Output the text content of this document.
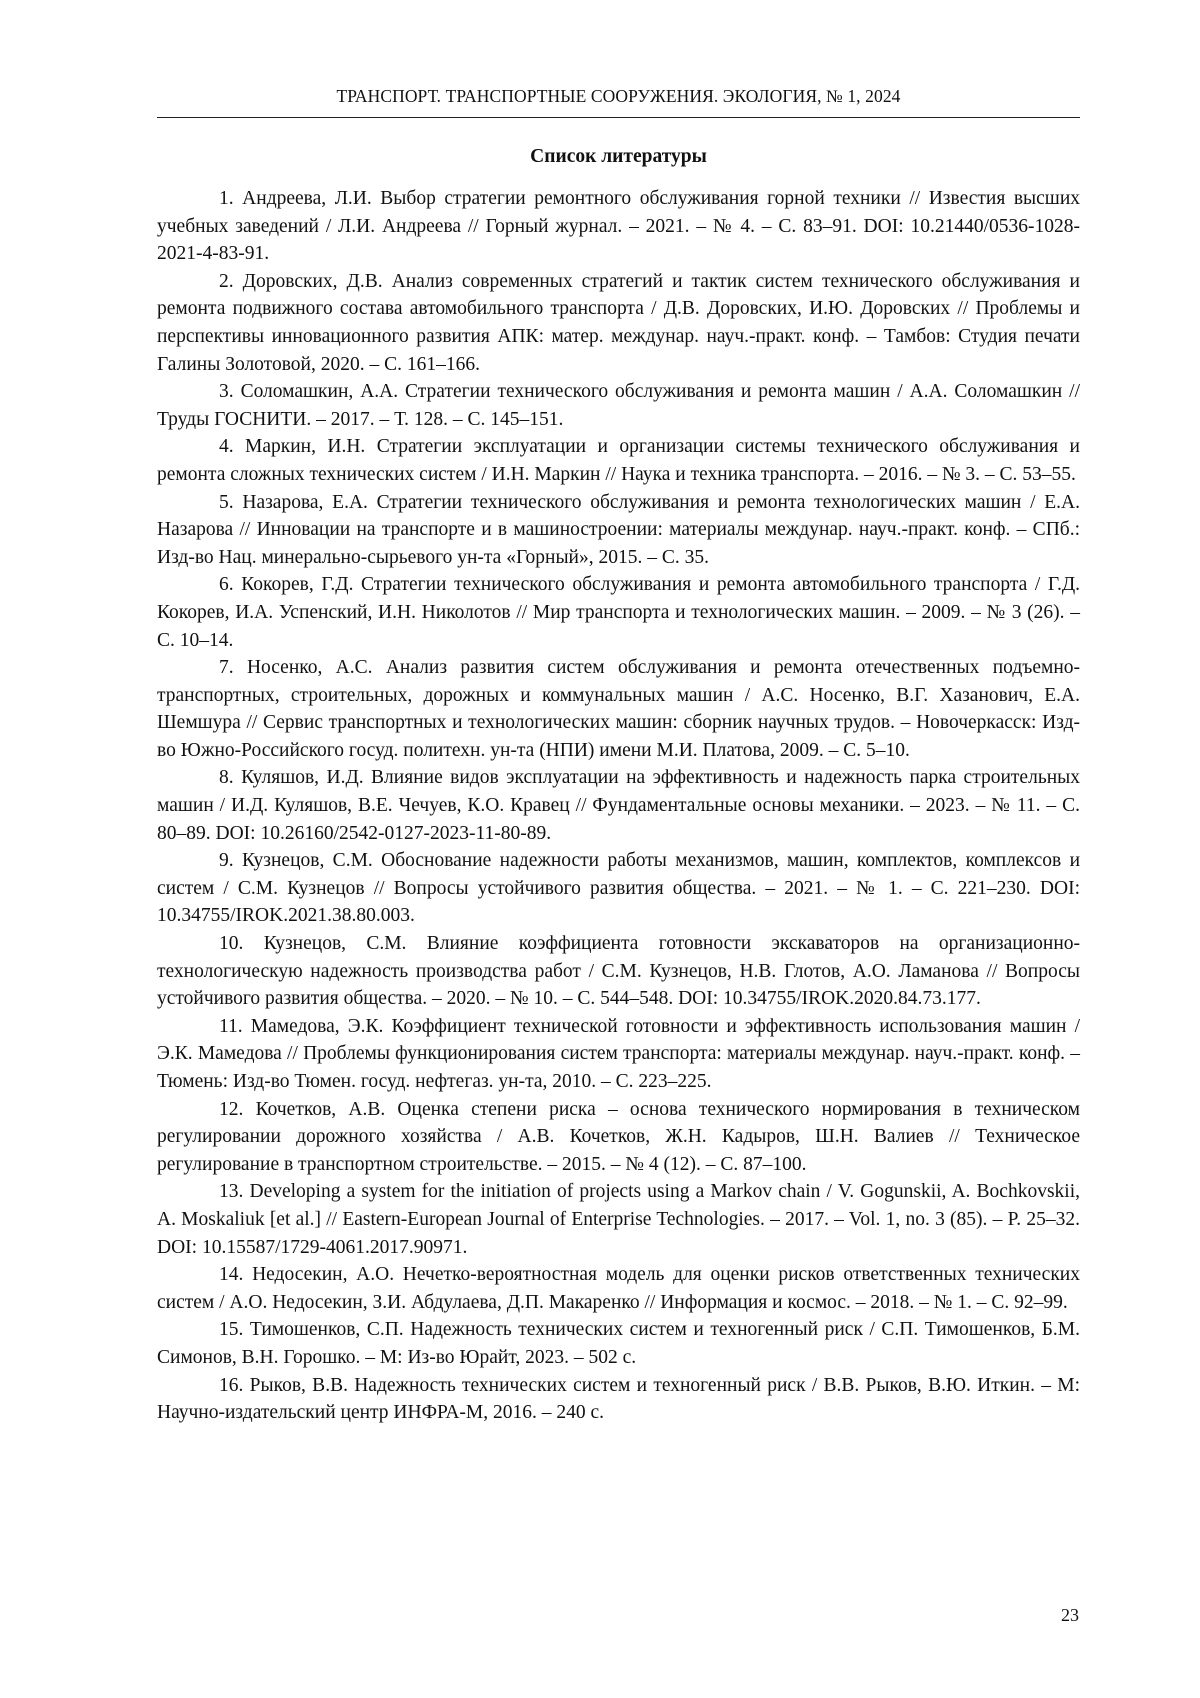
ТРАНСПОРТ. ТРАНСПОРТНЫЕ СООРУЖЕНИЯ. ЭКОЛОГИЯ, № 1, 2024
Список литературы
1. Андреева, Л.И. Выбор стратегии ремонтного обслуживания горной техники // Известия высших учебных заведений / Л.И. Андреева // Горный журнал. – 2021. – № 4. – С. 83–91. DOI: 10.21440/0536-1028-2021-4-83-91.
2. Доровских, Д.В. Анализ современных стратегий и тактик систем технического обслуживания и ремонта подвижного состава автомобильного транспорта / Д.В. Доровских, И.Ю. Доровских // Проблемы и перспективы инновационного развития АПК: матер. междунар. науч.-практ. конф. – Тамбов: Студия печати Галины Золотовой, 2020. – С. 161–166.
3. Соломашкин, А.А. Стратегии технического обслуживания и ремонта машин / А.А. Соломашкин // Труды ГОСНИТИ. – 2017. – Т. 128. – С. 145–151.
4. Маркин, И.Н. Стратегии эксплуатации и организации системы технического обслуживания и ремонта сложных технических систем / И.Н. Маркин // Наука и техника транспорта. – 2016. – № 3. – С. 53–55.
5. Назарова, Е.А. Стратегии технического обслуживания и ремонта технологических машин / Е.А. Назарова // Инновации на транспорте и в машиностроении: материалы междунар. науч.-практ. конф. – СПб.: Изд-во Нац. минерально-сырьевого ун-та «Горный», 2015. – С. 35.
6. Кокорев, Г.Д. Стратегии технического обслуживания и ремонта автомобильного транспорта / Г.Д. Кокорев, И.А. Успенский, И.Н. Николотов // Мир транспорта и технологических машин. – 2009. – № 3 (26). – С. 10–14.
7. Носенко, А.С. Анализ развития систем обслуживания и ремонта отечественных подъемно-транспортных, строительных, дорожных и коммунальных машин / А.С. Носенко, В.Г. Хазанович, Е.А. Шемшура // Сервис транспортных и технологических машин: сборник научных трудов. – Новочеркасск: Изд-во Южно-Российского госуд. политехн. ун-та (НПИ) имени М.И. Платова, 2009. – С. 5–10.
8. Куляшов, И.Д. Влияние видов эксплуатации на эффективность и надежность парка строительных машин / И.Д. Куляшов, В.Е. Чечуев, К.О. Кравец // Фундаментальные основы механики. – 2023. – № 11. – С. 80–89. DOI: 10.26160/2542-0127-2023-11-80-89.
9. Кузнецов, С.М. Обоснование надежности работы механизмов, машин, комплектов, комплексов и систем / С.М. Кузнецов // Вопросы устойчивого развития общества. – 2021. – № 1. – С. 221–230. DOI: 10.34755/IROK.2021.38.80.003.
10. Кузнецов, С.М. Влияние коэффициента готовности экскаваторов на организационно-технологическую надежность производства работ / С.М. Кузнецов, Н.В. Глотов, А.О. Ламанова // Вопросы устойчивого развития общества. – 2020. – № 10. – С. 544–548. DOI: 10.34755/IROK.2020.84.73.177.
11. Мамедова, Э.К. Коэффициент технической готовности и эффективность использования машин / Э.К. Мамедова // Проблемы функционирования систем транспорта: материалы междунар. науч.-практ. конф. – Тюмень: Изд-во Тюмен. госуд. нефтегаз. ун-та, 2010. – С. 223–225.
12. Кочетков, А.В. Оценка степени риска – основа технического нормирования в техническом регулировании дорожного хозяйства / А.В. Кочетков, Ж.Н. Кадыров, Ш.Н. Валиев // Техническое регулирование в транспортном строительстве. – 2015. – № 4 (12). – С. 87–100.
13. Developing a system for the initiation of projects using a Markov chain / V. Gogunskii, A. Bochkovskii, A. Moskaliuk [et al.] // Eastern-European Journal of Enterprise Technologies. – 2017. – Vol. 1, no. 3 (85). – P. 25–32. DOI: 10.15587/1729-4061.2017.90971.
14. Недосекин, А.О. Нечетко-вероятностная модель для оценки рисков ответственных технических систем / А.О. Недосекин, З.И. Абдулаева, Д.П. Макаренко // Информация и космос. – 2018. – № 1. – С. 92–99.
15. Тимошенков, С.П. Надежность технических систем и техногенный риск / С.П. Тимошенков, Б.М. Симонов, В.Н. Горошко. – М: Из-во Юрайт, 2023. – 502 с.
16. Рыков, В.В. Надежность технических систем и техногенный риск / В.В. Рыков, В.Ю. Иткин. – М: Научно-издательский центр ИНФРА-М, 2016. – 240 с.
23
